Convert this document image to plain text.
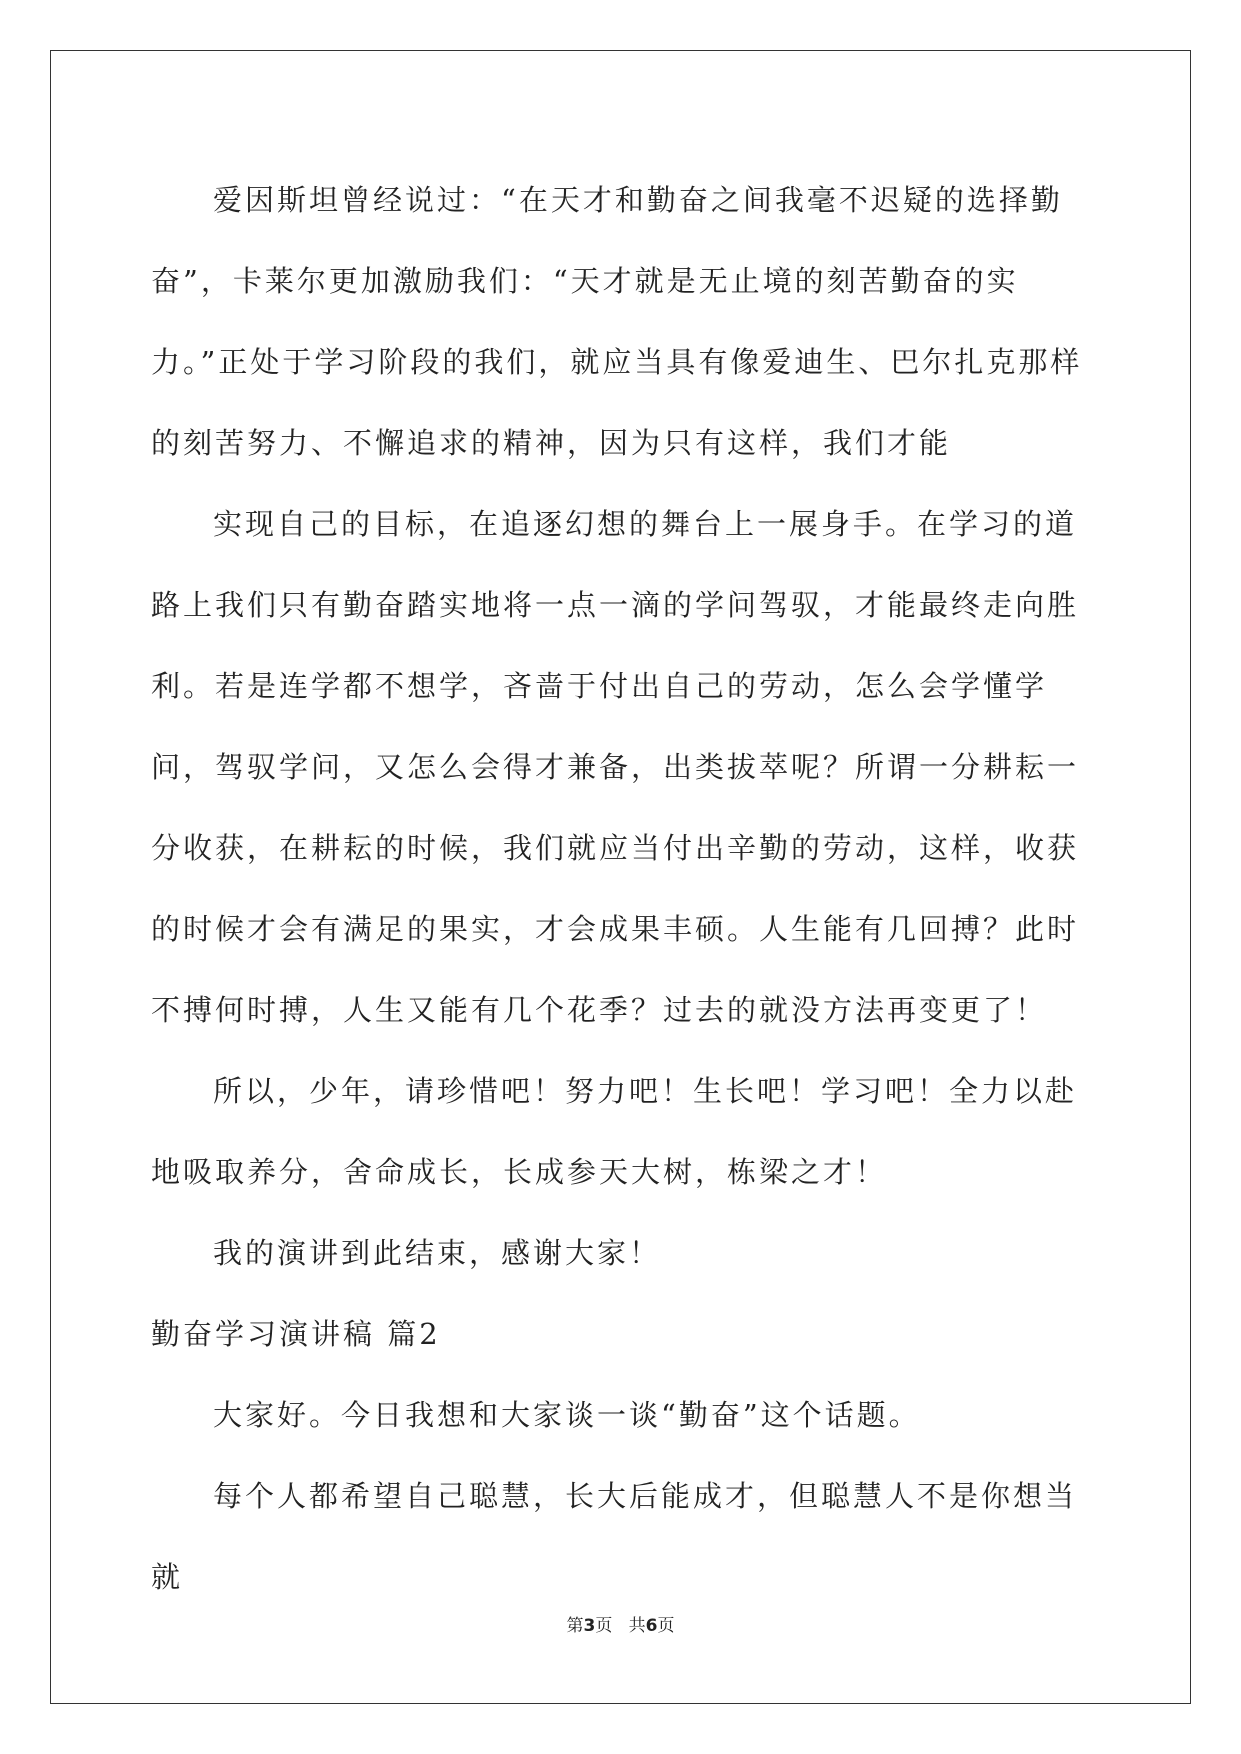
爱因斯坦曾经说过：“在天才和勤奋之间我毫不迟疑的选择勤奋”，卡莱尔更加激励我们：“天才就是无止境的刻苦勤奋的实力。”正处于学习阶段的我们，就应当具有像爱迪生、巴尔扎克那样的刻苦努力、不懈追求的精神，因为只有这样，我们才能

实现自己的目标，在追逐幻想的舞台上一展身手。在学习的道路上我们只有勤奋踏实地将一点一滴的学问驾驭，才能最终走向胜利。若是连学都不想学，吝啬于付出自己的劳动，怎么会学懂学问，驾驭学问，又怎么会得才兼备，出类拔萃呢？所谓一分耕耘一分收获，在耕耘的时候，我们就应当付出辛勤的劳动，这样，收获的时候才会有满足的果实，才会成果丰硕。人生能有几回搏？此时不搏何时搏，人生又能有几个花季？过去的就没方法再变更了！

所以，少年，请珍惜吧！努力吧！生长吧！学习吧！全力以赴地吸取养分，舍命成长，长成参天大树，栋梁之才！

我的演讲到此结束，感谢大家！

勤奋学习演讲稿 篇2

大家好。今日我想和大家谈一谈“勤奋”这个话题。

每个人都希望自己聪慧，长大后能成才，但聪慧人不是你想当就

第3页 共6页
